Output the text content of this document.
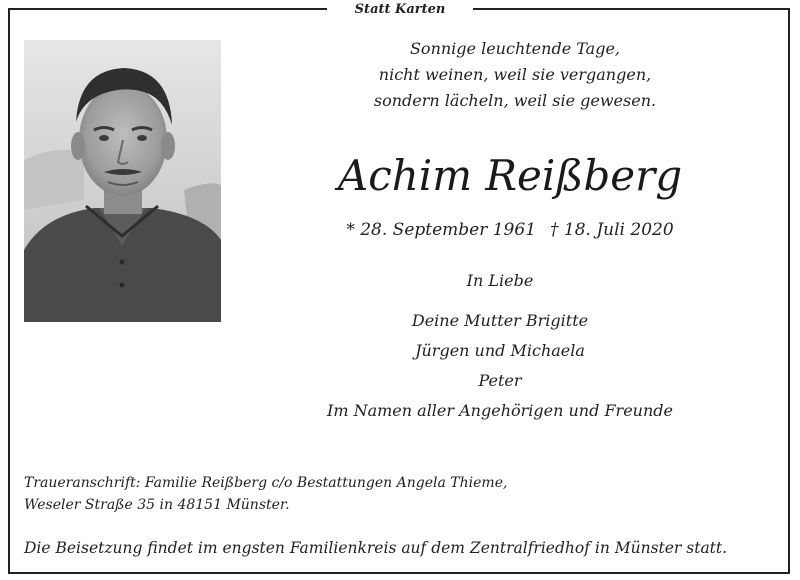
Statt Karten
Sonnige leuchtende Tage,
nicht weinen, weil sie vergangen,
sondern lächeln, weil sie gewesen.
Achim Reißberg
* 28. September 1961 † 18. Juli 2020
In Liebe
Deine Mutter Brigitte
Jürgen und Michaela
Peter
Im Namen aller Angehörigen und Freunde
Traueranschrift: Familie Reißberg c/o Bestattungen Angela Thieme,
Weseler Straße 35 in 48151 Münster.
Die Beisetzung findet im engsten Familienkreis auf dem Zentralfriedhof in Münster statt.
